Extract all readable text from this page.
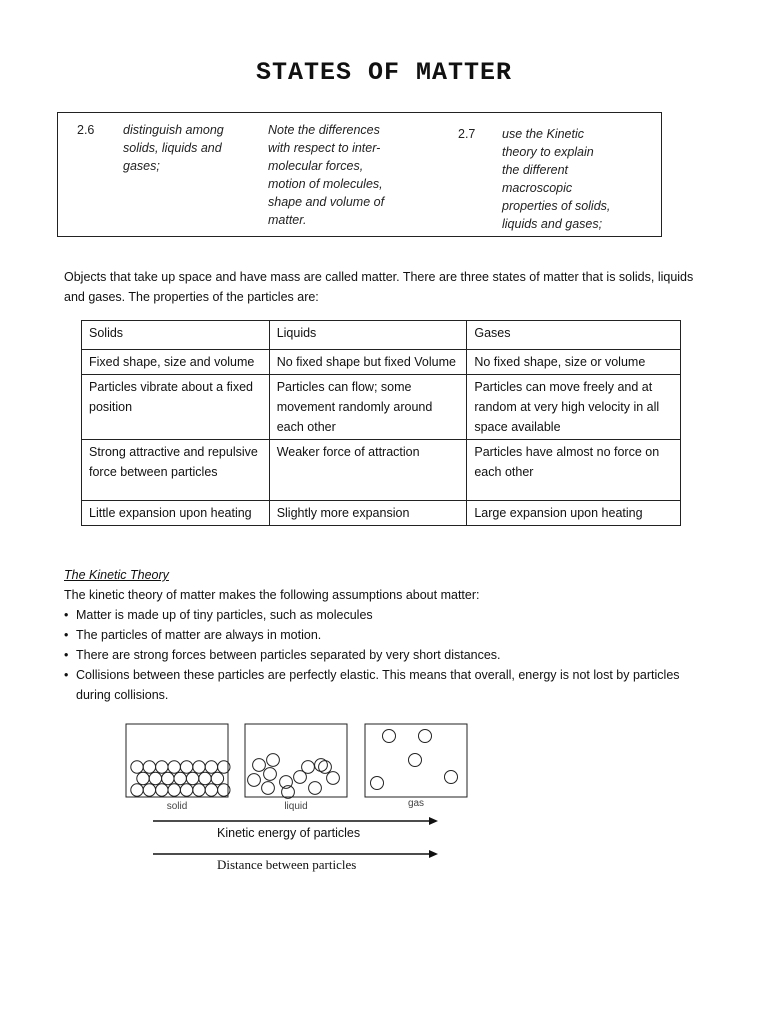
STATES OF MATTER
2.6 distinguish among
solids, liquids and
gases;
Note the differences
with respect to inter-
molecular forces,
motion of molecules,
shape and volume of
matter.
2.7 use the Kinetic
theory to explain
the different
macroscopic
properties of solids,
liquids and gases;
Objects that take up space and have mass are called matter. There are three states of matter that is solids, liquids
and gases. The properties of the particles are:
Solids	Liquids	Gases
Fixed shape, size and volume	No fixed shape but fixed Volume	No fixed shape, size or volume
Particles vibrate about a fixed position	Particles can flow; some movement randomly around each other	Particles can move freely and at random at very high velocity in all space available
Strong attractive and repulsive force between particles	Weaker force of attraction	Particles have almost no force on each other
Little expansion upon heating	Slightly more expansion	Large expansion upon heating
The Kinetic Theory
The kinetic theory of matter makes the following assumptions about matter:
• Matter is made up of tiny particles, such as molecules
• The particles of matter are always in motion.
• There are strong forces between particles separated by very short distances.
• Collisions between these particles are perfectly elastic. This means that overall, energy is not lost by particles during collisions.
solid	liquid	gas
Kinetic energy of particles
Distance between particles
